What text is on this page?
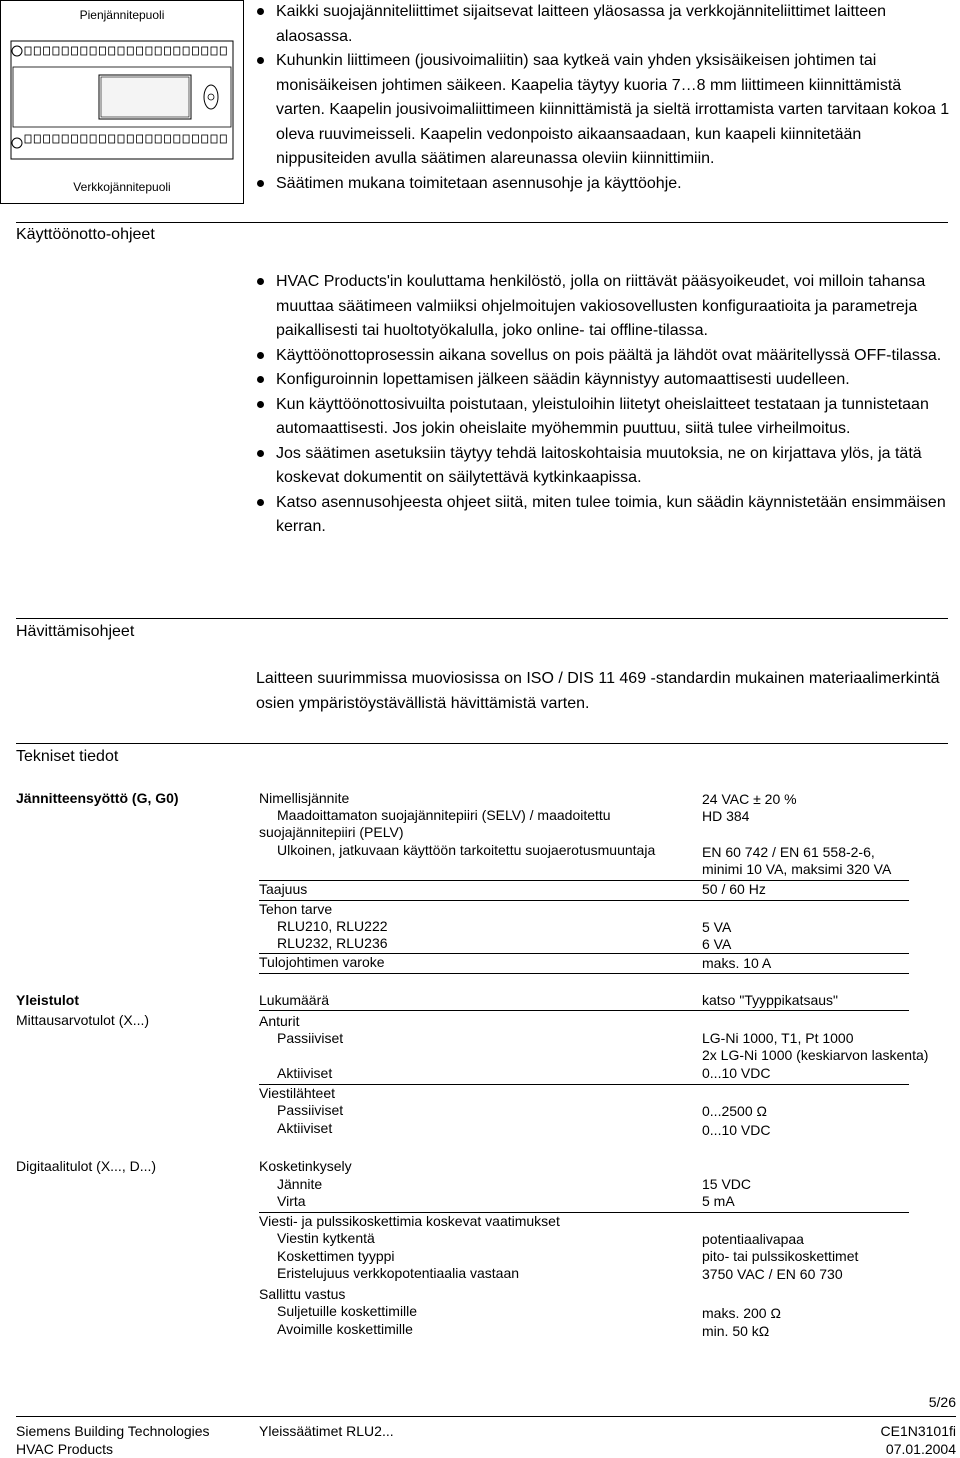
Pienjännitepuoli
Verkkojännitepuoli
Kaikki suojajänniteliittimet sijaitsevat laitteen yläosassa ja verkkojänniteliittimet laitteen alaosassa.
Kuhunkin liittimeen (jousivoimaliitin) saa kytkeä vain yhden yksisäikeisen johtimen tai monisäikeisen johtimen säikeen. Kaapelia täytyy kuoria 7…8 mm liittimeen kiinnittämistä varten. Kaapelin jousivoimaliittimeen kiinnittämistä ja sieltä irrottamista varten tarvitaan kokoa 1 oleva ruuvimeisseli. Kaapelin vedonpoisto aikaansaadaan, kun kaapeli kiinnitetään nippusiteiden avulla säätimen alareunassa oleviin kiinnittimiin.
Säätimen mukana toimitetaan asennusohje ja käyttöohje.
Käyttöönotto-ohjeet
HVAC Products'in kouluttama henkilöstö, jolla on riittävät pääsyoikeudet, voi milloin tahansa muuttaa säätimeen valmiiksi ohjelmoitujen vakiosovellusten konfiguraatioita ja parametreja paikallisesti tai huoltotyökalulla, joko online- tai offline-tilassa.
Käyttöönottoprosessin aikana sovellus on pois päältä ja lähdöt ovat määritellyssä OFF-tilassa.
Konfiguroinnin lopettamisen jälkeen säädin käynnistyy automaattisesti uudelleen.
Kun käyttöönottosivuilta poistutaan, yleistuloihin liitetyt oheislaitteet testataan ja tunnistetaan automaattisesti. Jos jokin oheislaite myöhemmin puuttuu, siitä tulee virheilmoitus.
Jos säätimen asetuksiin täytyy tehdä laitoskohtaisia muutoksia, ne on kirjattava ylös, ja tätä koskevat dokumentit on säilytettävä kytkinkaapissa.
Katso asennusohjeesta ohjeet siitä, miten tulee toimia, kun säädin käynnistetään ensimmäisen kerran.
Hävittämisohjeet
Laitteen suurimmissa muoviosissa on ISO / DIS 11 469 -standardin mukainen materiaalimerkintä osien ympäristöystävällistä hävittämistä varten.
Tekniset tiedot
Jännitteensyöttö (G, G0)
Yleistulot
Mittausarvotulot (X...)
Digitaalitulot (X..., D...)
Nimellisjännite	24 VAC ± 20 %
Maadoittamaton suojajännitepiiri (SELV) / maadoitettu
suojajännitepiiri (PELV)
HD 384
Ulkoinen, jatkuvaan käyttöön tarkoitettu suojaerotusmuuntaja	EN 60 742 / EN 61 558-2-6,
minimi 10 VA, maksimi 320 VA
Taajuus	50 / 60 Hz
Tehon tarve
RLU210, RLU222	5 VA
RLU232, RLU236	6 VA
Tulojohtimen varoke	maks. 10 A
Lukumäärä	katso "Tyyppikatsaus"
Anturit
Passiiviset	LG-Ni 1000, T1, Pt 1000
2x LG-Ni 1000 (keskiarvon laskenta)
Aktiiviset	0...10 VDC
Viestilähteet
Passiiviset	0...2500 Ω
Aktiiviset	0...10 VDC
Kosketinkysely
Jännite	15 VDC
Virta	5 mA
Viesti- ja pulssikoskettimia koskevat vaatimukset
Viestin kytkentä	potentiaalivapaa
Koskettimen tyyppi	pito- tai pulssikoskettimet
Eristelujuus verkkopotentiaalia vastaan	3750 VAC / EN 60 730
Sallittu vastus
Suljetuille koskettimille	maks. 200 Ω
Avoimille koskettimille	min. 50 kΩ
5/26
Siemens Building Technologies
HVAC Products
Yleissäätimet RLU2...	CE1N3101fi
07.01.2004
